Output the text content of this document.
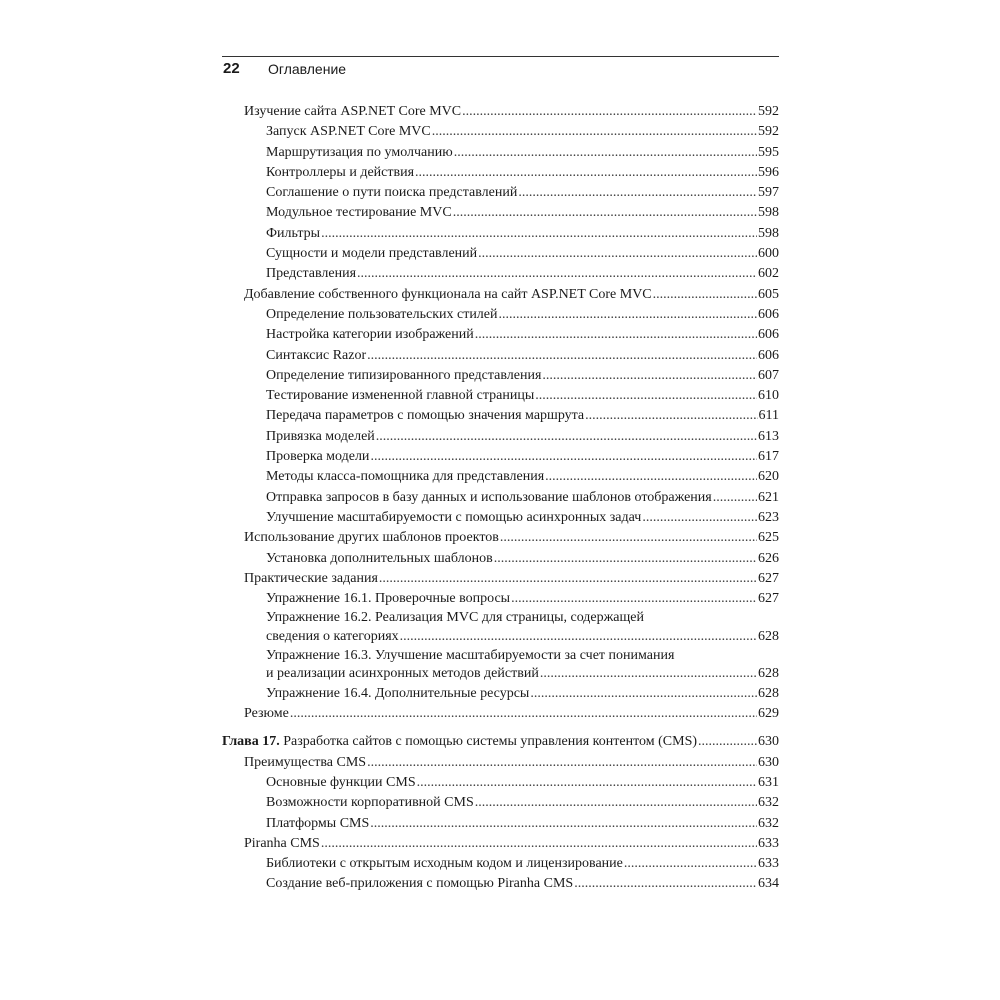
22 Оглавление
Изучение сайта ASP.NET Core MVC .....	592
Запуск ASP.NET Core MVC .....	592
Маршрутизация по умолчанию .....	595
Контроллеры и действия .....	596
Соглашение о пути поиска представлений .....	597
Модульное тестирование MVC .....	598
Фильтры .....	598
Сущности и модели представлений .....	600
Представления .....	602
Добавление собственного функционала на сайт ASP.NET Core MVC .....	605
Определение пользовательских стилей .....	606
Настройка категории изображений .....	606
Синтаксис Razor .....	606
Определение типизированного представления .....	607
Тестирование измененной главной страницы .....	610
Передача параметров с помощью значения маршрута .....	611
Привязка моделей .....	613
Проверка модели .....	617
Методы класса-помощника для представления .....	620
Отправка запросов в базу данных и использование шаблонов отображения .....	621
Улучшение масштабируемости с помощью асинхронных задач .....	623
Использование других шаблонов проектов .....	625
Установка дополнительных шаблонов .....	626
Практические задания .....	627
Упражнение 16.1. Проверочные вопросы .....	627
Упражнение 16.2. Реализация MVC для страницы, содержащей
сведения о категориях .....	628
Упражнение 16.3. Улучшение масштабируемости за счет понимания
и реализации асинхронных методов действий .....	628
Упражнение 16.4. Дополнительные ресурсы .....	628
Резюме .....	629
Глава 17. Разработка сайтов с помощью системы управления контентом (CMS) .....	630
Преимущества CMS .....	630
Основные функции CMS .....	631
Возможности корпоративной CMS .....	632
Платформы CMS .....	632
Piranha CMS .....	633
Библиотеки с открытым исходным кодом и лицензирование .....	633
Создание веб-приложения с помощью Piranha CMS .....	634
